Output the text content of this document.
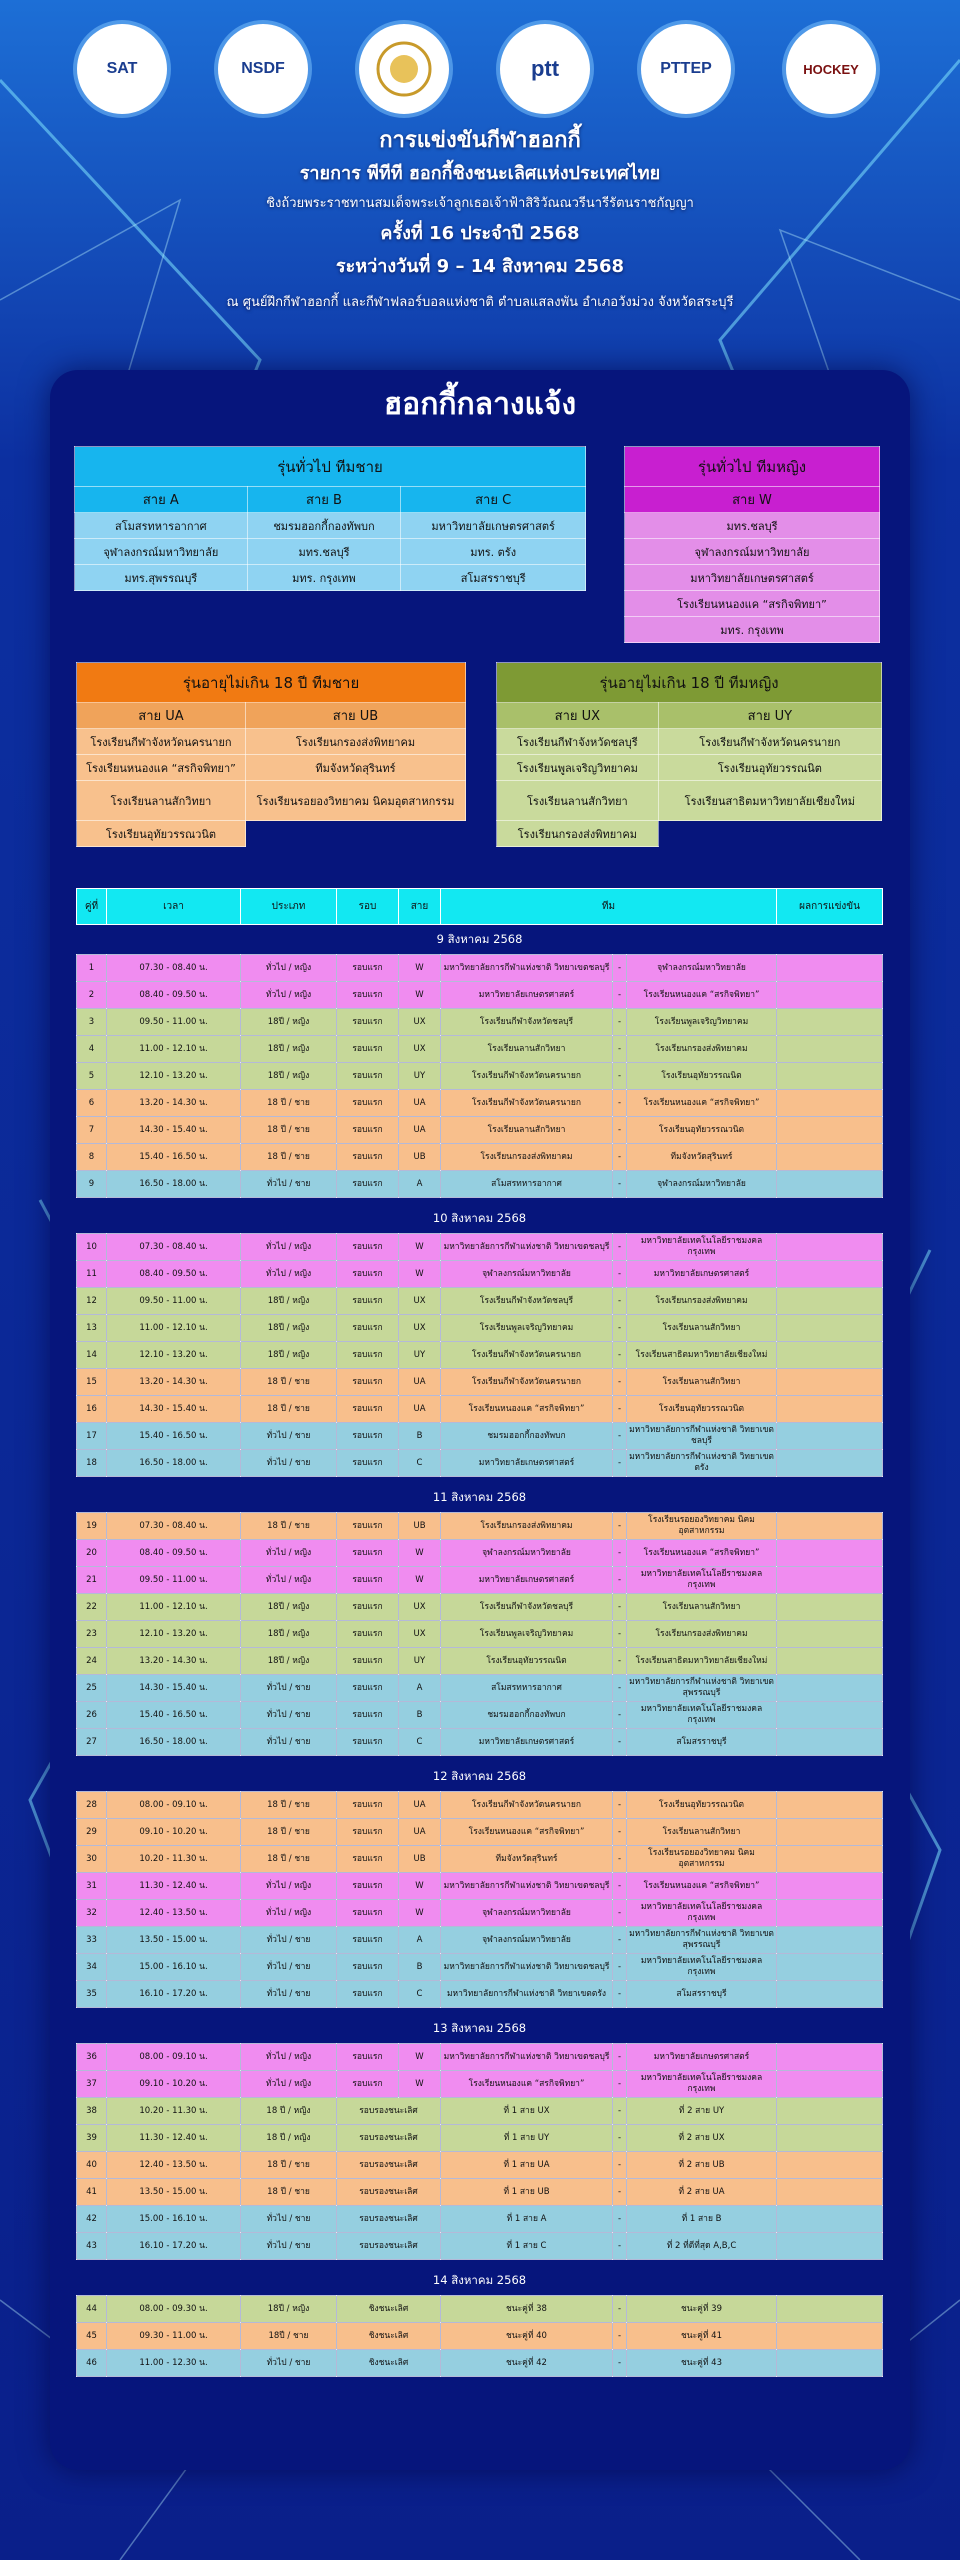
SAT	NSDF	ptt	PTTEP	HOCKEY
การแข่งขันกีฬาฮอกกี้
รายการ พีทีที ฮอกกี้ชิงชนะเลิศแห่งประเทศไทย
ชิงถ้วยพระราชทานสมเด็จพระเจ้าลูกเธอเจ้าฟ้าสิริวัณณวรีนารีรัตนราชกัญญา
ครั้งที่ 16 ประจำปี 2568
ระหว่างวันที่ 9 – 14 สิงหาคม 2568
ณ ศูนย์ฝึกกีฬาฮอกกี้ และกีฬาฟลอร์บอลแห่งชาติ ตำบลแสลงพัน อำเภอวังม่วง จังหวัดสระบุรี
ฮอกกี้กลางแจ้ง
รุ่นทั่วไป ทีมชาย		
สาย A	สาย B	สาย C
สโมสรทหารอากาศ	ชมรมฮอกกี้กองทัพบก	มหาวิทยาลัยเกษตรศาสตร์
จุฬาลงกรณ์มหาวิทยาลัย	มทร.ชลบุรี	มทร. ตรัง
มทร.สุพรรณบุรี	มทร. กรุงเทพ	สโมสรราชบุรี
รุ่นทั่วไป ทีมหญิง
สาย W
มทร.ชลบุรี
จุฬาลงกรณ์มหาวิทยาลัย
มหาวิทยาลัยเกษตรศาสตร์
โรงเรียนหนองแค “สรกิจพิทยา”
มทร. กรุงเทพ
รุ่นอายุไม่เกิน 18 ปี ทีมชาย	
สาย UA	สาย UB
โรงเรียนกีฬาจังหวัดนครนายก	โรงเรียนกรองส่งพิทยาคม
โรงเรียนหนองแค “สรกิจพิทยา”	ทีมจังหวัดสุรินทร์
โรงเรียนลานสักวิทยา	โรงเรียนรอยองวิทยาคม นิคมอุตสาหกรรม
โรงเรียนอุทัยวรรณวนิต	
รุ่นอายุไม่เกิน 18 ปี ทีมหญิง	
สาย UX	สาย UY
โรงเรียนกีฬาจังหวัดชลบุรี	โรงเรียนกีฬาจังหวัดนครนายก
โรงเรียนพูลเจริญวิทยาคม	โรงเรียนอุทัยวรรณนิต
โรงเรียนลานสักวิทยา	โรงเรียนสาธิตมหาวิทยาลัยเชียงใหม่
โรงเรียนกรองส่งพิทยาคม	
คู่ที่	เวลา	ประเภท	รอบ	สาย	ทีม			ผลการแข่งขัน
9 สิงหาคม 2568								
1	07.30 - 08.40 น.	ทั่วไป / หญิง	รอบแรก	W	มหาวิทยาลัยการกีฬาแห่งชาติ วิทยาเขตชลบุรี	-	จุฬาลงกรณ์มหาวิทยาลัย	
2	08.40 - 09.50 น.	ทั่วไป / หญิง	รอบแรก	W	มหาวิทยาลัยเกษตรศาสตร์	-	โรงเรียนหนองแค “สรกิจพิทยา”	
3	09.50 - 11.00 น.	18ปี / หญิง	รอบแรก	UX	โรงเรียนกีฬาจังหวัดชลบุรี	-	โรงเรียนพูลเจริญวิทยาคม	
4	11.00 - 12.10 น.	18ปี / หญิง	รอบแรก	UX	โรงเรียนลานสักวิทยา	-	โรงเรียนกรองส่งพิทยาคม	
5	12.10 - 13.20 น.	18ปี / หญิง	รอบแรก	UY	โรงเรียนกีฬาจังหวัดนครนายก	-	โรงเรียนอุทัยวรรณนิต	
6	13.20 - 14.30 น.	18 ปี / ชาย	รอบแรก	UA	โรงเรียนกีฬาจังหวัดนครนายก	-	โรงเรียนหนองแค “สรกิจพิทยา”	
7	14.30 - 15.40 น.	18 ปี / ชาย	รอบแรก	UA	โรงเรียนลานสักวิทยา	-	โรงเรียนอุทัยวรรณวนิต	
8	15.40 - 16.50 น.	18 ปี / ชาย	รอบแรก	UB	โรงเรียนกรองส่งพิทยาคม	-	ทีมจังหวัดสุรินทร์	
9	16.50 - 18.00 น.	ทั่วไป / ชาย	รอบแรก	A	สโมสรทหารอากาศ	-	จุฬาลงกรณ์มหาวิทยาลัย	

10 สิงหาคม 2568								
10	07.30 - 08.40 น.	ทั่วไป / หญิง	รอบแรก	W	มหาวิทยาลัยการกีฬาแห่งชาติ วิทยาเขตชลบุรี	-	มหาวิทยาลัยเทคโนโลยีราชมงคล กรุงเทพ	
11	08.40 - 09.50 น.	ทั่วไป / หญิง	รอบแรก	W	จุฬาลงกรณ์มหาวิทยาลัย	-	มหาวิทยาลัยเกษตรศาสตร์	
12	09.50 - 11.00 น.	18ปี / หญิง	รอบแรก	UX	โรงเรียนกีฬาจังหวัดชลบุรี	-	โรงเรียนกรองส่งพิทยาคม	
13	11.00 - 12.10 น.	18ปี / หญิง	รอบแรก	UX	โรงเรียนพูลเจริญวิทยาคม	-	โรงเรียนลานสักวิทยา	
14	12.10 - 13.20 น.	18ปี / หญิง	รอบแรก	UY	โรงเรียนกีฬาจังหวัดนครนายก	-	โรงเรียนสาธิตมหาวิทยาลัยเชียงใหม่	
15	13.20 - 14.30 น.	18 ปี / ชาย	รอบแรก	UA	โรงเรียนกีฬาจังหวัดนครนายก	-	โรงเรียนลานสักวิทยา	
16	14.30 - 15.40 น.	18 ปี / ชาย	รอบแรก	UA	โรงเรียนหนองแค “สรกิจพิทยา”	-	โรงเรียนอุทัยวรรณวนิต	
17	15.40 - 16.50 น.	ทั่วไป / ชาย	รอบแรก	B	ชมรมฮอกกี้กองทัพบก	-	มหาวิทยาลัยการกีฬาแห่งชาติ วิทยาเขตชลบุรี	
18	16.50 - 18.00 น.	ทั่วไป / ชาย	รอบแรก	C	มหาวิทยาลัยเกษตรศาสตร์	-	มหาวิทยาลัยการกีฬาแห่งชาติ วิทยาเขตตรัง	

11 สิงหาคม 2568								
19	07.30 - 08.40 น.	18 ปี / ชาย	รอบแรก	UB	โรงเรียนกรองส่งพิทยาคม	-	โรงเรียนรอยองวิทยาคม นิคมอุตสาหกรรม	
20	08.40 - 09.50 น.	ทั่วไป / หญิง	รอบแรก	W	จุฬาลงกรณ์มหาวิทยาลัย	-	โรงเรียนหนองแค “สรกิจพิทยา”	
21	09.50 - 11.00 น.	ทั่วไป / หญิง	รอบแรก	W	มหาวิทยาลัยเกษตรศาสตร์	-	มหาวิทยาลัยเทคโนโลยีราชมงคล กรุงเทพ	
22	11.00 - 12.10 น.	18ปี / หญิง	รอบแรก	UX	โรงเรียนกีฬาจังหวัดชลบุรี	-	โรงเรียนลานสักวิทยา	
23	12.10 - 13.20 น.	18ปี / หญิง	รอบแรก	UX	โรงเรียนพูลเจริญวิทยาคม	-	โรงเรียนกรองส่งพิทยาคม	
24	13.20 - 14.30 น.	18ปี / หญิง	รอบแรก	UY	โรงเรียนอุทัยวรรณนิต	-	โรงเรียนสาธิตมหาวิทยาลัยเชียงใหม่	
25	14.30 - 15.40 น.	ทั่วไป / ชาย	รอบแรก	A	สโมสรทหารอากาศ	-	มหาวิทยาลัยการกีฬาแห่งชาติ วิทยาเขตสุพรรณบุรี	
26	15.40 - 16.50 น.	ทั่วไป / ชาย	รอบแรก	B	ชมรมฮอกกี้กองทัพบก	-	มหาวิทยาลัยเทคโนโลยีราชมงคล กรุงเทพ	
27	16.50 - 18.00 น.	ทั่วไป / ชาย	รอบแรก	C	มหาวิทยาลัยเกษตรศาสตร์	-	สโมสรราชบุรี	

12 สิงหาคม 2568								
28	08.00 - 09.10 น.	18 ปี / ชาย	รอบแรก	UA	โรงเรียนกีฬาจังหวัดนครนายก	-	โรงเรียนอุทัยวรรณวนิต	
29	09.10 - 10.20 น.	18 ปี / ชาย	รอบแรก	UA	โรงเรียนหนองแค “สรกิจพิทยา”	-	โรงเรียนลานสักวิทยา	
30	10.20 - 11.30 น.	18 ปี / ชาย	รอบแรก	UB	ทีมจังหวัดสุรินทร์	-	โรงเรียนรอยองวิทยาคม นิคมอุตสาหกรรม	
31	11.30 - 12.40 น.	ทั่วไป / หญิง	รอบแรก	W	มหาวิทยาลัยการกีฬาแห่งชาติ วิทยาเขตชลบุรี	-	โรงเรียนหนองแค “สรกิจพิทยา”	
32	12.40 - 13.50 น.	ทั่วไป / หญิง	รอบแรก	W	จุฬาลงกรณ์มหาวิทยาลัย	-	มหาวิทยาลัยเทคโนโลยีราชมงคล กรุงเทพ	
33	13.50 - 15.00 น.	ทั่วไป / ชาย	รอบแรก	A	จุฬาลงกรณ์มหาวิทยาลัย	-	มหาวิทยาลัยการกีฬาแห่งชาติ วิทยาเขตสุพรรณบุรี	
34	15.00 - 16.10 น.	ทั่วไป / ชาย	รอบแรก	B	มหาวิทยาลัยการกีฬาแห่งชาติ วิทยาเขตชลบุรี	-	มหาวิทยาลัยเทคโนโลยีราชมงคล กรุงเทพ	
35	16.10 - 17.20 น.	ทั่วไป / ชาย	รอบแรก	C	มหาวิทยาลัยการกีฬาแห่งชาติ วิทยาเขตตรัง	-	สโมสรราชบุรี	

13 สิงหาคม 2568								
36	08.00 - 09.10 น.	ทั่วไป / หญิง	รอบแรก	W	มหาวิทยาลัยการกีฬาแห่งชาติ วิทยาเขตชลบุรี	-	มหาวิทยาลัยเกษตรศาสตร์	
37	09.10 - 10.20 น.	ทั่วไป / หญิง	รอบแรก	W	โรงเรียนหนองแค “สรกิจพิทยา”	-	มหาวิทยาลัยเทคโนโลยีราชมงคล กรุงเทพ	
38	10.20 - 11.30 น.	18 ปี / หญิง	รอบรองชนะเลิศ		ที่ 1 สาย UX	-	ที่ 2 สาย UY	
39	11.30 - 12.40 น.	18 ปี / หญิง	รอบรองชนะเลิศ		ที่ 1 สาย UY	-	ที่ 2 สาย UX	
40	12.40 - 13.50 น.	18 ปี / ชาย	รอบรองชนะเลิศ		ที่ 1 สาย UA	-	ที่ 2 สาย UB	
41	13.50 - 15.00 น.	18 ปี / ชาย	รอบรองชนะเลิศ		ที่ 1 สาย UB	-	ที่ 2 สาย UA	
42	15.00 - 16.10 น.	ทั่วไป / ชาย	รอบรองชนะเลิศ		ที่ 1 สาย A	-	ที่ 1 สาย B	
43	16.10 - 17.20 น.	ทั่วไป / ชาย	รอบรองชนะเลิศ		ที่ 1 สาย C	-	ที่ 2 ที่ดีที่สุด A,B,C	

14 สิงหาคม 2568								
44	08.00 - 09.30 น.	18ปี / หญิง	ชิงชนะเลิศ		ชนะคู่ที่ 38	-	ชนะคู่ที่ 39	
45	09.30 - 11.00 น.	18ปี / ชาย	ชิงชนะเลิศ		ชนะคู่ที่ 40	-	ชนะคู่ที่ 41	
46	11.00 - 12.30 น.	ทั่วไป / ชาย	ชิงชนะเลิศ		ชนะคู่ที่ 42	-	ชนะคู่ที่ 43	
